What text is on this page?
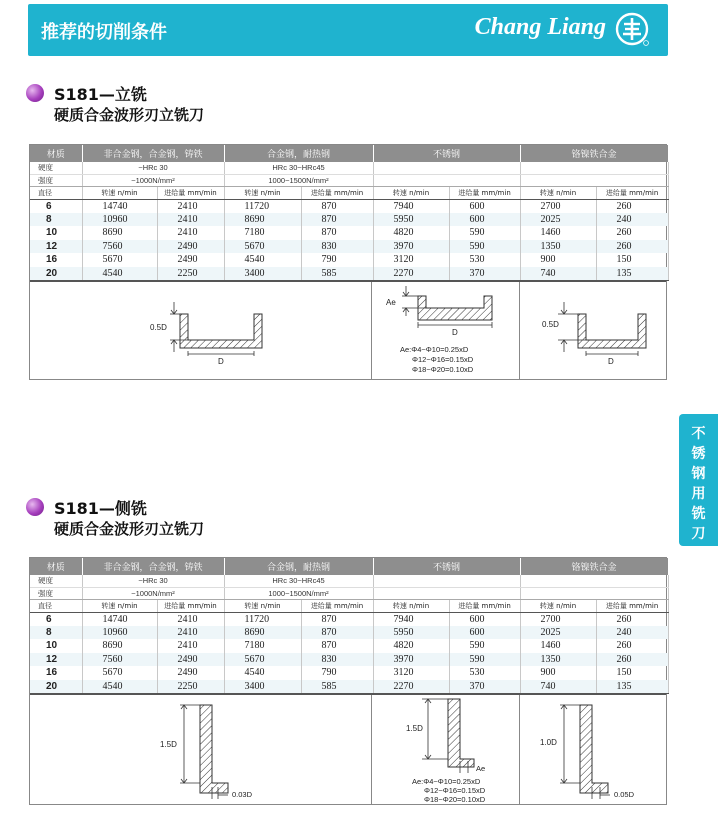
推荐的切削条件	Chang Liang
不
锈
钢
用
铣
刀
S181—立铣
硬质合金波形刃立铣刀
材质	非合金钢，合金钢，铸铁		合金钢，耐热钢		不锈钢		铬镍铁合金	
硬度	~HRc 30		HRc 30~HRc45					
强度	~1000N/mm²		1000~1500N/mm²					
直径	转速 n/min	进给量 mm/min	转速 n/min	进给量 mm/min	转速 n/min	进给量 mm/min	转速 n/min	进给量 mm/min
6	14740	2410	11720	870	7940	600	2700	260
8	10960	2410	8690	870	5950	600	2025	240
10	8690	2410	7180	870	4820	590	1460	260
12	7560	2490	5670	830	3970	590	1350	260
16	5670	2490	4540	790	3120	530	900	150
20	4540	2250	3400	585	2270	370	740	135
0.5D
D
Ae
D
Ae:Φ4~Φ10=0.25xD
Φ12~Φ16=0.15xD
Φ18~Φ20=0.10xD
0.5D
D
S181—侧铣
硬质合金波形刃立铣刀
材质	非合金钢，合金钢，铸铁		合金钢，耐热钢		不锈钢		铬镍铁合金	
硬度	~HRc 30		HRc 30~HRc45					
强度	~1000N/mm²		1000~1500N/mm²					
直径	转速 n/min	进给量 mm/min	转速 n/min	进给量 mm/min	转速 n/min	进给量 mm/min	转速 n/min	进给量 mm/min
6	14740	2410	11720	870	7940	600	2700	260
8	10960	2410	8690	870	5950	600	2025	240
10	8690	2410	7180	870	4820	590	1460	260
12	7560	2490	5670	830	3970	590	1350	260
16	5670	2490	4540	790	3120	530	900	150
20	4540	2250	3400	585	2270	370	740	135
1.5D
0.03D
1.5D
Ae
Ae:Φ4~Φ10=0.25xD
Φ12~Φ16=0.15xD
Φ18~Φ20=0.10xD
1.0D
0.05D
